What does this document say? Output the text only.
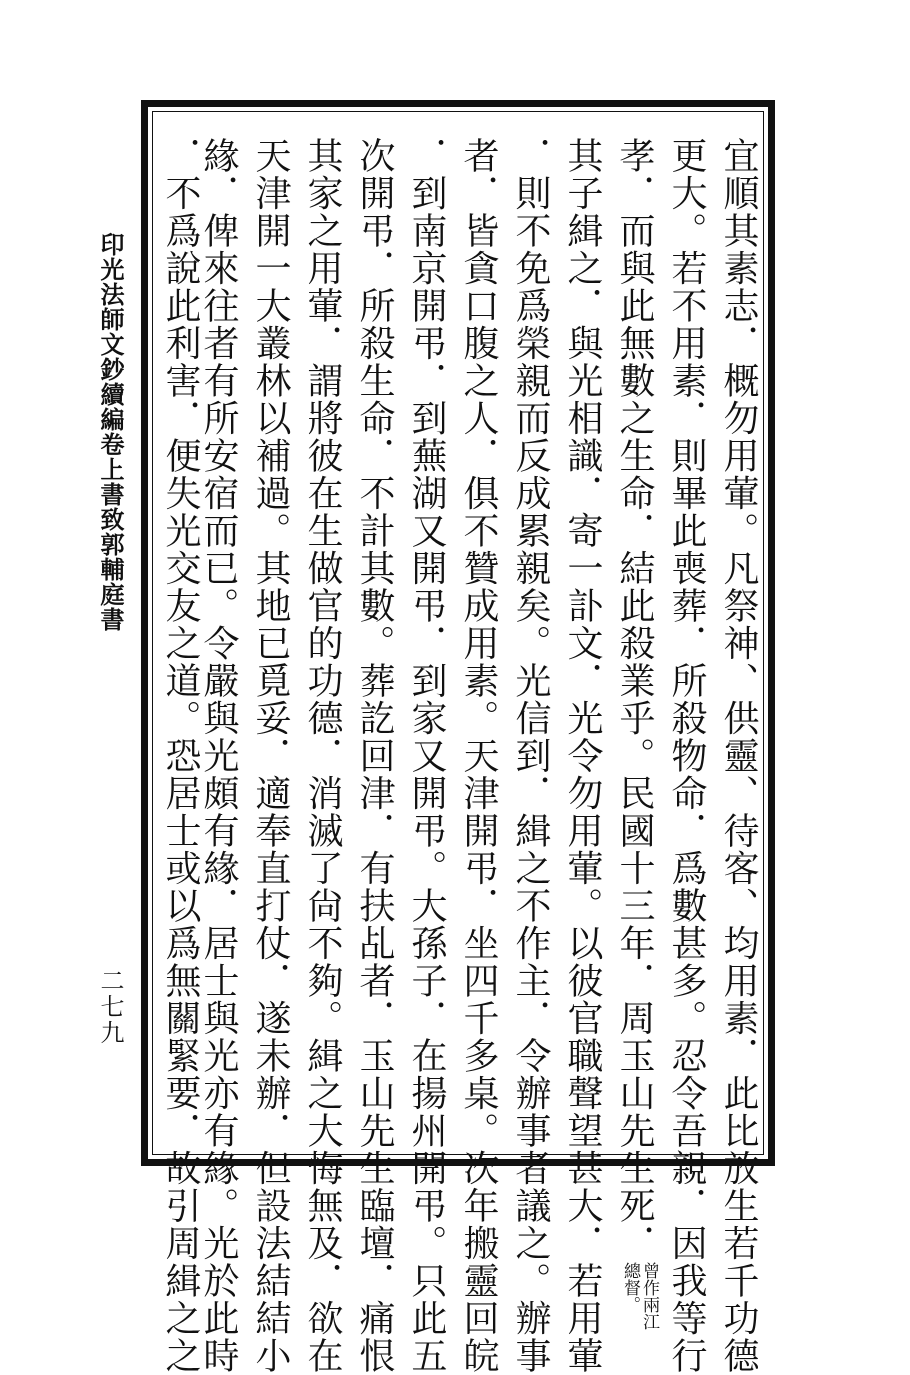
宜順其素志．概勿用葷。凡祭神、供靈、待客、均用素．此比放生若千功德
更大。若不用素．則畢此喪葬．所殺物命．爲數甚多。忍令吾親．因我等行
孝．而與此無數之生命．結此殺業乎。民國十三年．周玉山先生死．曾作兩江總督。
其子緝之．與光相識．寄一訃文．光令勿用葷。以彼官職聲望甚大．若用葷
．則不免爲榮親而反成累親矣。光信到．緝之不作主．令辦事者議之。辦事
者．皆貪口腹之人．俱不贊成用素。天津開弔．坐四千多桌。次年搬靈回皖
．到南京開弔．到蕪湖又開弔．到家又開弔。大孫子．在揚州開弔。只此五
次開弔．所殺生命．不計其數。葬訖回津．有扶乩者．玉山先生臨壇．痛恨
其家之用葷．謂將彼在生做官的功德．消滅了尙不夠。緝之大悔無及．欲在
天津開一大叢林以補過。其地已覓妥．適奉直打仗．遂未辦．但設法結結小
緣．俾來往者有所安宿而已。令嚴與光頗有緣．居士與光亦有緣。光於此時
．不爲說此利害．便失光交友之道。恐居士或以爲無關緊要．故引周緝之之
印光法師文鈔續編卷上書致郭輔庭書
二七九
